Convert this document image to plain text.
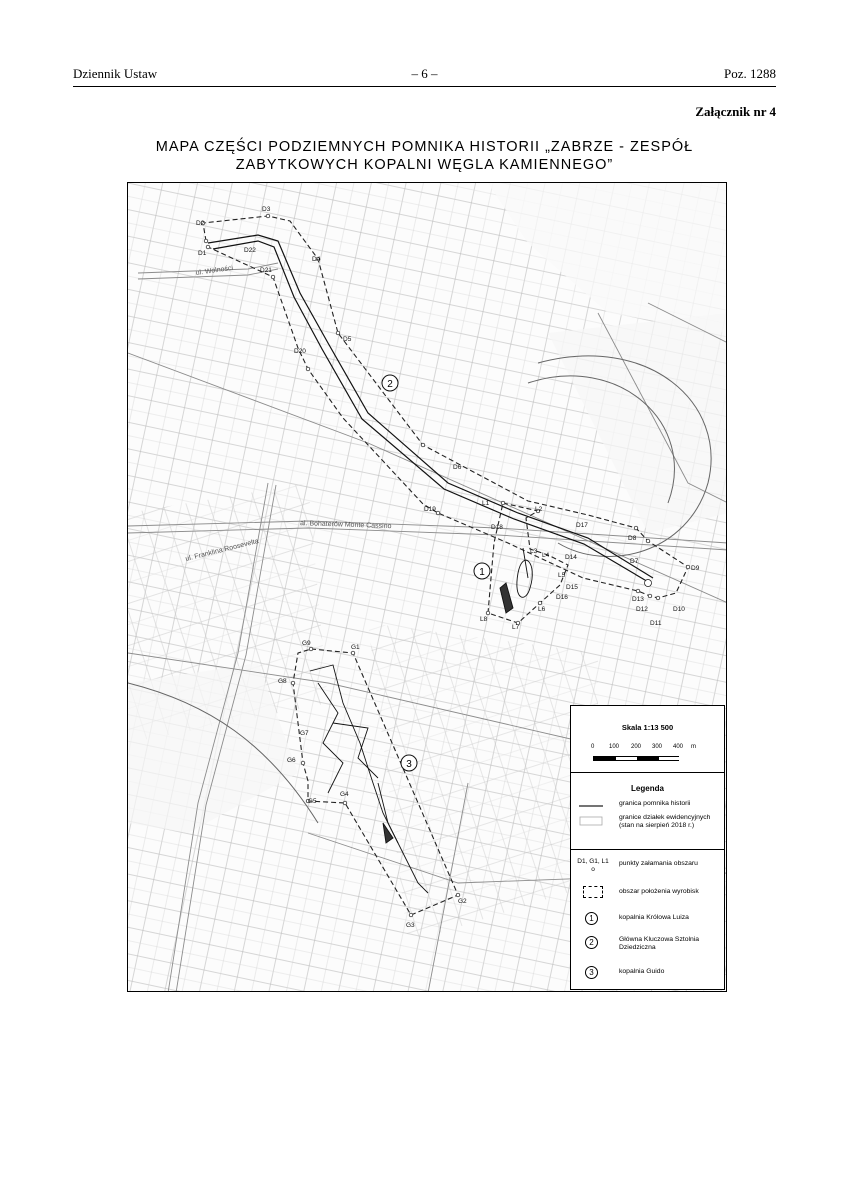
Dziennik Ustaw	– 6 –	Poz. 1288
Załącznik nr 4
MAPA CZĘŚCI PODZIEMNYCH POMNIKA HISTORII „ZABRZE - ZESPÓŁ
ZABYTKOWYCH KOPALNI WĘGLA KAMIENNEGO”
ul. Wolności
al. Bohaterów Monte Cassino
ul. Franklina Roosevelta
D2
D3
D1	D22
D21
D4
D5
D20
D6
D19
L1
L2
D18	D17
L3
L4 D14
D8
D7
D9
L5
D15
D16
L6
D13
D12	D10
D11
L8
L7
G9
G1
G8
G7
G6
G5
G4
G2
G3
2
1
3
Skala 1:13 500
0 100 200 300 400 m
Legenda
granica pomnika historii
granice działek ewidencyjnych (stan na sierpień 2018 r.)
D1, G1, L1
o
punkty załamania obszaru
obszar położenia wyrobisk
1	kopalnia Królowa Luiza
2	Główna Kluczowa Sztolnia Dziedziczna
3	kopalnia Guido
